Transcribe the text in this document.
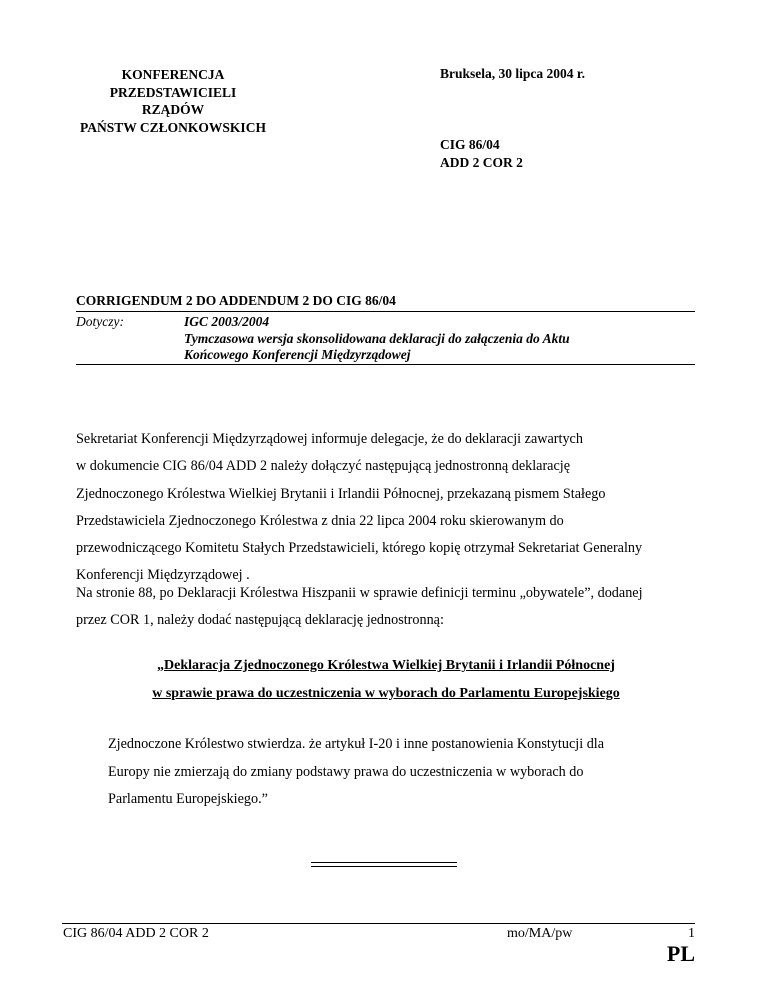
KONFERENCJA
PRZEDSTAWICIELI
RZĄDÓW
PAŃSTW CZŁONKOWSKICH
Bruksela, 30 lipca 2004 r.
CIG 86/04
ADD 2 COR 2
CORRIGENDUM 2 DO ADDENDUM 2 DO CIG 86/04
Dotyczy:	IGC 2003/2004
Tymczasowa wersja skonsolidowana deklaracji do załączenia do Aktu
Końcowego Konferencji Międzyrządowej
Sekretariat Konferencji Międzyrządowej informuje delegacje, że do deklaracji zawartych
w dokumencie CIG 86/04 ADD 2 należy dołączyć następującą jednostronną deklarację
Zjednoczonego Królestwa Wielkiej Brytanii i Irlandii Północnej, przekazaną pismem Stałego
Przedstawiciela Zjednoczonego Królestwa z dnia 22 lipca 2004 roku skierowanym do
przewodniczącego Komitetu Stałych Przedstawicieli, którego kopię otrzymał Sekretariat Generalny
Konferencji Międzyrządowej .
Na stronie 88, po Deklaracji Królestwa Hiszpanii w sprawie definicji terminu „obywatele”, dodanej
przez COR 1, należy dodać następującą deklarację jednostronną:
„Deklaracja Zjednoczonego Królestwa Wielkiej Brytanii i Irlandii Północnej
w sprawie prawa do uczestniczenia w wyborach do Parlamentu Europejskiego
Zjednoczone Królestwo stwierdza. że artykuł I-20 i inne postanowienia Konstytucji dla
Europy nie zmierzają do zmiany podstawy prawa do uczestniczenia w wyborach do
Parlamentu Europejskiego.”
CIG 86/04 ADD 2 COR 2	mo/MA/pw	1
PL
